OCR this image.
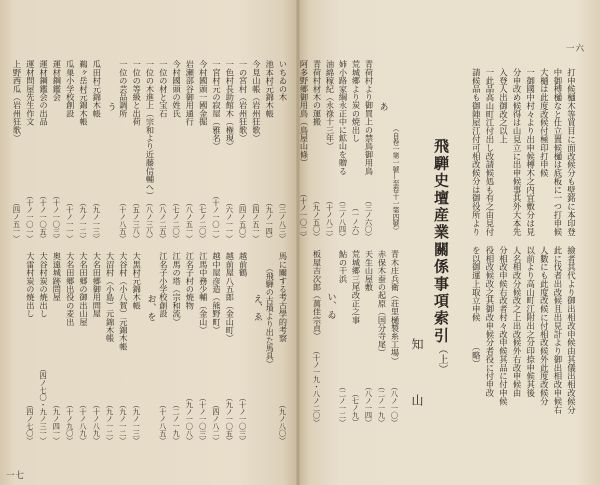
一六
一七
打申候樋木等買目に面改候分も壁銘に本印登
中御榑樋なと仕立置候樋は底板に一つ打申候
大樋は此度改候付極印打申候
一御國中村々より出申候榑木之内宜敷分は見
分申改め候得は山見立に出申候事其外大本先
入登人出御改之以上
一此品高山町江付出し改請候処も有之由見付
請候品も御陣屋江付可相改候分は御役所より
撿者其代より御出相改申候由其儀出相改候分
此に伐者出改候且出見計より御出相改申候右
人數にも此度改候に付相改候外此度改候分
以前より高山町江附出之分印捺申候其後
人名相改分候改之上出改候外右改申候由
分相改申候右改者村々改申候其品に付申候
役相改候改之其御改申候分者役に付申改
を以御運上取立申候　　　（略）
飛騨史壇産業關係事項索引（上）
知山
（自卷一第一號—至卷十一第四號）
あ
青荷村より御買上の禁鳥御用鳥
（三ノ六〇）
荒城郷より炭の焼出し
（一ノ六）
姉小路家綱永正中に鉱山を贈る
（三ノ八四）
油綿稼紀（永祿十三年）
（十ノ八二）
青荷村材木の運搬
（九ノ五〇）
阿多野郷御用鳥（鳥屋山條）
（十ノ一〇二）
青木庄兵衛（荘里樋製糸工場）
（八ノ一〇）
赤保木蚕の起原（国分寺尾）
（二ノ一九）
天生山屋敷
（八ノ一四）
荒城郷三尾改正之事
（七ノ九）
鮎の干浜
（二ノ一二）
い、ゐ
板屋吉次郎（萬佳宗貞）
（十ノ一九・八ノ二〇）
いちゐの木
（三ノ八三）
池本村元錦木帳
（九ノ一四）
今見山帳（岩州狂歌）
（四ノ五一）
一の宮村（岩州狂歌）
（四ノ五〇）
一色村長助館木（権現）
（六ノ一一）
一宮村元の寂屋（雅名）
（十ノ一〇一）
今村國頭一國金掘
（七ノ二〇）
岩瀬部谷御用通行
（八ノ五一）
今村國頭の姓氏
（七ノ二〇）
一位の材と宝石
（八ノ二五）
一位の木進上（宗和より近藤信輔へ）
（八ノ三八）
一位の等級と出荷
（五ノ三八）
一位の芸品調所
（十ノ八五）
う
瓜田村元錦木帳
（九ノ一三）
鵜ヶ岳村元錦木帳
（九ノ一二）
瓜巣小学校創設
（十ノ一一）
運材鋼鑑会
（十ノ一〇三）
運材鋼鑑会の出品
（十ノ一〇五）
運材問屋先生作文
（十ノ一〇一）
上野西瓜（岩州狂歌）
（四ノ五一）
馬に關する考古學的考察
（九ノ八〇）
（飛騨の古墳より出た馬具）
え、ゑ
越前鶴
（十ノ一〇三）
越前屋八五郎（金山町）
（九ノ一〇五）
越中屋彦造（熊野町）
（四ノ八二）
江馬中務少輔（金山）
（十ノ一〇三）
江名子村の焼物
（九ノ一〇八）
江馬の塔（宗和流）
（二ノ一九）
江名子小学校創設
（十ノ八五）
お、を
大黒村元錦木帳
（九ノ一三）
大谷村（小八賀）元錦木帳
（九ノ一二）
大沼村（小島）元錦木帳
（九ノ一二）
大名田郷御用問屋
（十ノ八九）
大名田郷の御出山屋
（十ノ八九）
大名田郷出役の麦出
（十ノ九〇）
奥遠城跡問屋
（九ノ四一）
大谷村炭の焼出し
（四ノ七〇・九ノ三一）
大雷村炭の焼出し
（四ノ七〇）
